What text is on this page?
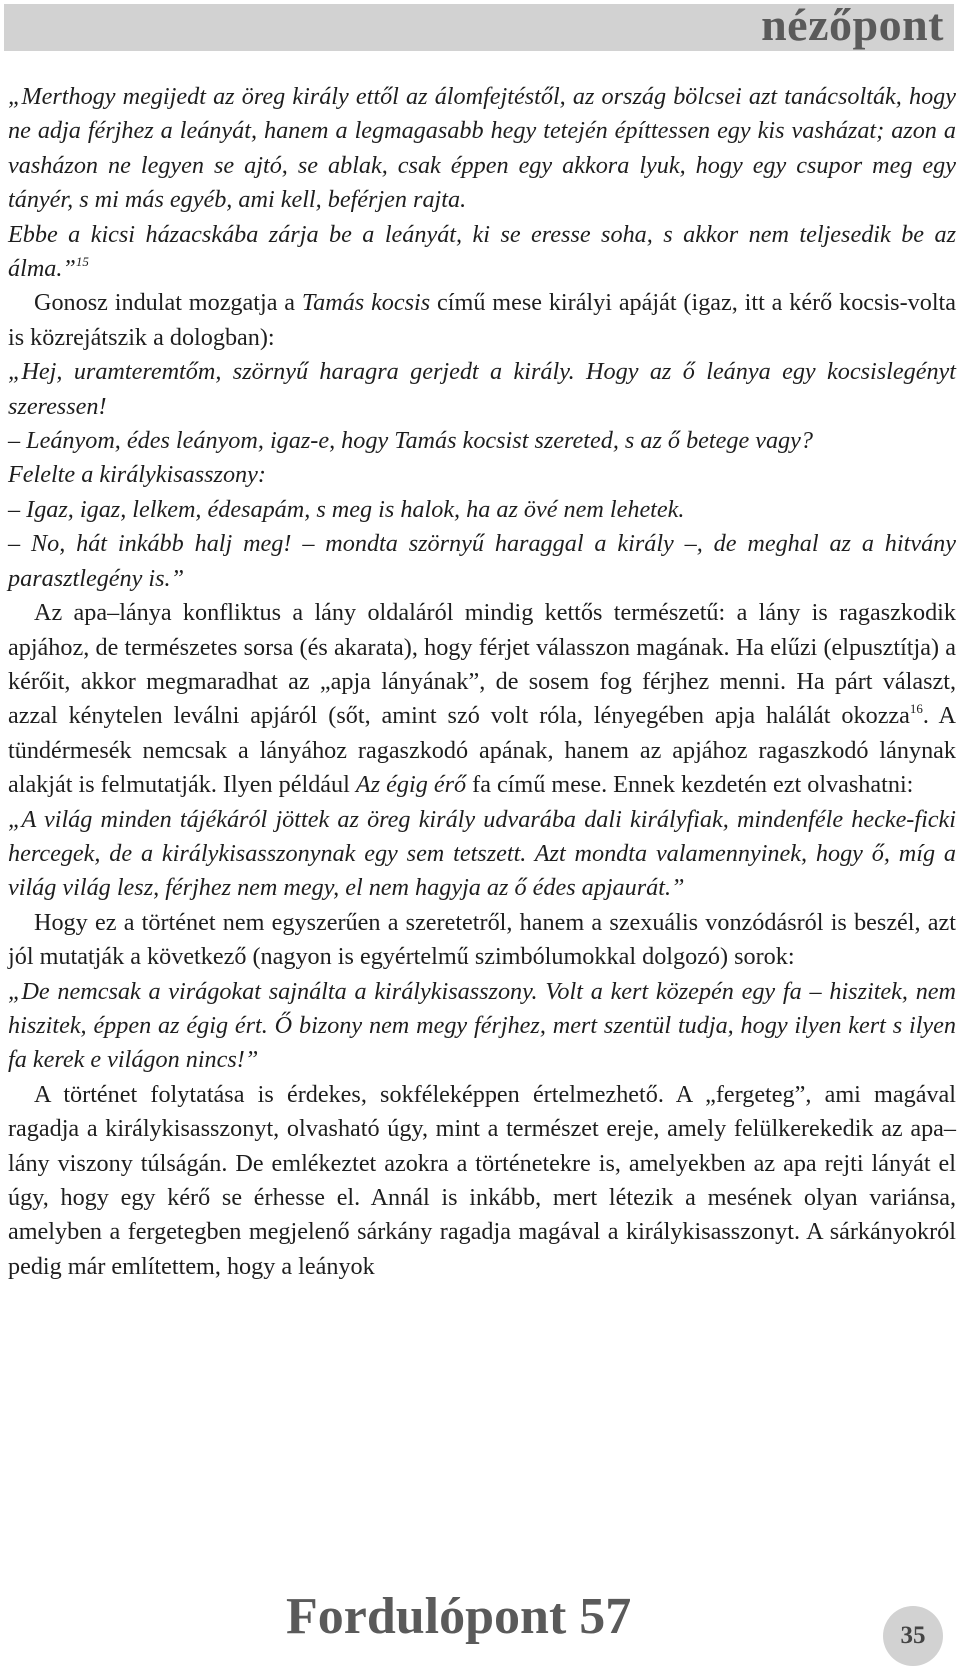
nézőpont

„Merthogy megijedt az öreg király ettől az álomfejtéstől, az ország bölcsei azt tanácsolták, hogy ne adja férjhez a leányát, hanem a legmagasabb hegy tetején építtessen egy kis vasházat; azon a vasházon ne legyen se ajtó, se ablak, csak éppen egy akkora lyuk, hogy egy csupor meg egy tányér, s mi más egyéb, ami kell, beférjen rajta.

Ebbe a kicsi házacskába zárja be a leányát, ki se eresse soha, s akkor nem teljesedik be az álma.”$^{15}$

Gonosz indulat mozgatja a Tamás kocsis című mese királyi apáját (igaz, itt a kérő kocsis-volta is közrejátszik a dologban):

„Hej, uramteremtőm, szörnyű haragra gerjedt a király. Hogy az ő leánya egy kocsislegényt szeressen!

– Leányom, édes leányom, igaz-e, hogy Tamás kocsist szereted, s az ő betege vagy?

Felelte a királykisasszony:

– Igaz, igaz, lelkem, édesapám, s meg is halok, ha az övé nem lehetek.

– No, hát inkább halj meg! – mondta szörnyű haraggal a király –, de meghal az a hitvány parasztlegény is.”

Az apa–lánya konfliktus a lány oldaláról mindig kettős természetű: a lány is ragaszkodik apjához, de természetes sorsa (és akarata), hogy férjet válasszon magának. Ha elűzi (elpusztítja) a kérőit, akkor megmaradhat az „apja lányának”, de sosem fog férjhez menni. Ha párt választ, azzal kénytelen leválni apjáról (sőt, amint szó volt róla, lényegében apja halálát okozza$^{16}$. A tündérmesék nemcsak a lányához ragaszkodó apának, hanem az apjához ragaszkodó lánynak alakját is felmutatják. Ilyen például Az égig érő fa című mese. Ennek kezdetén ezt olvashatni:

„A világ minden tájékáról jöttek az öreg király udvarába dali királyfiak, mindenféle hecke-ficki hercegek, de a királykisasszonynak egy sem tetszett. Azt mondta valamennyinek, hogy ő, míg a világ világ lesz, férjhez nem megy, el nem hagyja az ő édes apjaurát.”

Hogy ez a történet nem egyszerűen a szeretetről, hanem a szexuális vonzódásról is beszél, azt jól mutatják a következő (nagyon is egyértelmű szimbólumokkal dolgozó) sorok:

„De nemcsak a virágokat sajnálta a királykisasszony. Volt a kert közepén egy fa – hiszitek, nem hiszitek, éppen az égig ért. Ő bizony nem megy férjhez, mert szentül tudja, hogy ilyen kert s ilyen fa kerek e világon nincs!”

A történet folytatása is érdekes, sokféleképpen értelmezhető. A „fergeteg”, ami magával ragadja a királykisasszonyt, olvasható úgy, mint a természet ereje, amely felülkerekedik az apa–lány viszony túlságán. De emlékeztet azokra a történetekre is, amelyekben az apa rejti lányát el úgy, hogy egy kérő se érhesse el. Annál is inkább, mert létezik a mesének olyan variánsa, amelyben a fergetegben megjelenő sárkány ragadja magával a királykisasszonyt. A sárkányokról pedig már említettem, hogy a leányok

Fordulópont 57	35
